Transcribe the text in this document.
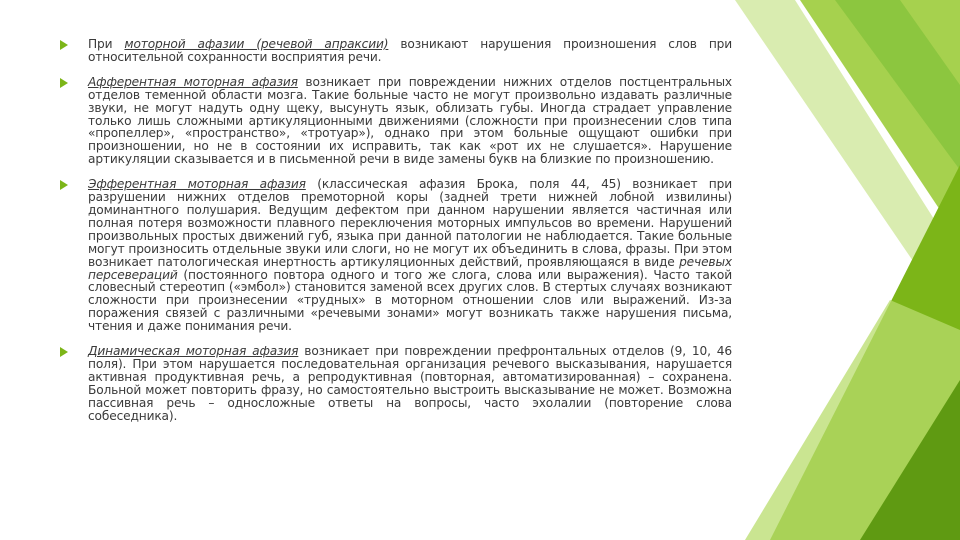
При моторной афазии (речевой апраксии) возникают нарушения произношения слов при относительной сохранности восприятия речи.
Афферентная моторная афазия возникает при повреждении нижних отделов постцентральных отделов теменной области мозга. Такие больные часто не могут произвольно издавать различные звуки, не могут надуть одну щеку, высунуть язык, облизать губы. Иногда страдает управление только лишь сложными артикуляционными движениями (сложности при произнесении слов типа «пропеллер», «пространство», «тротуар»), однако при этом больные ощущают ошибки при произношении, но не в состоянии их исправить, так как «рот их не слушается». Нарушение артикуляции сказывается и в письменной речи в виде замены букв на близкие по произношению.
Эфферентная моторная афазия (классическая афазия Брока, поля 44, 45) возникает при разрушении нижних отделов премоторной коры (задней трети нижней лобной извилины) доминантного полушария. Ведущим дефектом при данном нарушении является частичная или полная потеря возможности плавного переключения моторных импульсов во времени. Нарушений произвольных простых движений губ, языка при данной патологии не наблюдается. Такие больные могут произносить отдельные звуки или слоги, но не могут их объединить в слова, фразы. При этом возникает патологическая инертность артикуляционных действий, проявляющаяся в виде речевых персевераций (постоянного повтора одного и того же слога, слова или выражения). Часто такой словесный стереотип («эмбол») становится заменой всех других слов. В стертых случаях возникают сложности при произнесении «трудных» в моторном отношении слов или выражений. Из-за поражения связей с различными «речевыми зонами» могут возникать также нарушения письма, чтения и даже понимания речи.
Динамическая моторная афазия возникает при повреждении префронтальных отделов (9, 10, 46 поля). При этом нарушается последовательная организация речевого высказывания, нарушается активная продуктивная речь, а репродуктивная (повторная, автоматизированная) – сохранена. Больной может повторить фразу, но самостоятельно выстроить высказывание не может. Возможна пассивная речь – односложные ответы на вопросы, часто эхолалии (повторение слова собеседника).
